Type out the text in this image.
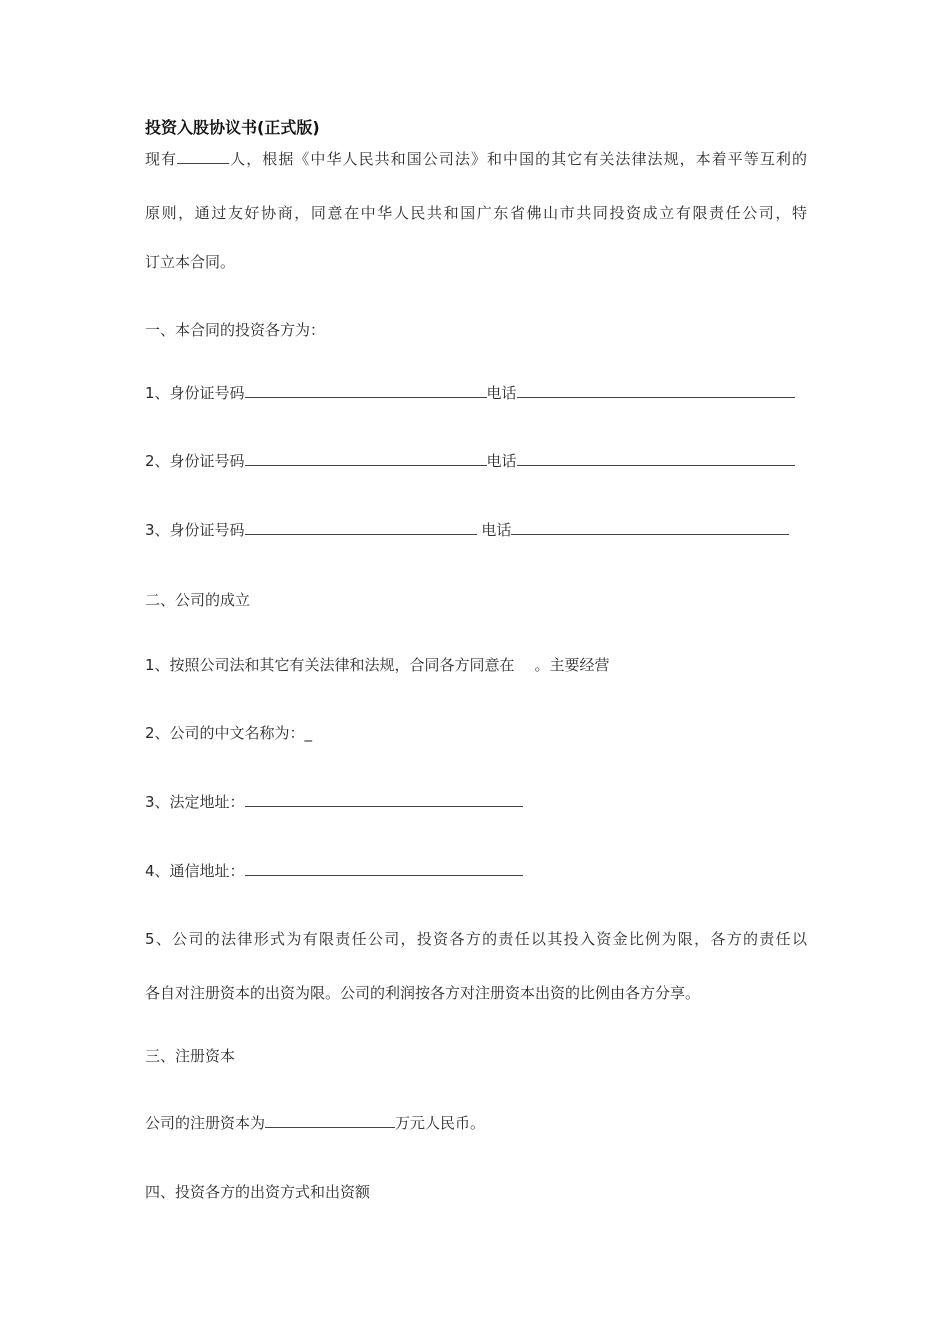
投资入股协议书(正式版)
现有	人，根据《中华人民共和国公司法》和中国的其它有关法律法规，本着平等互利的
原则，通过友好协商，同意在中华人民共和国广东省佛山市共同投资成立有限责任公司，特
订立本合同。
一、本合同的投资各方为：
1、身份证号码	电话
2、身份证号码	电话
3、身份证号码	电话
二、公司的成立
1、按照公司法和其它有关法律和法规，合同各方同意在 。主要经营
2、公司的中文名称为：_
3、法定地址：
4、通信地址：
5、公司的法律形式为有限责任公司，投资各方的责任以其投入资金比例为限，各方的责任以
各自对注册资本的出资为限。公司的利润按各方对注册资本出资的比例由各方分享。
三、注册资本
公司的注册资本为	万元人民币。
四、投资各方的出资方式和出资额
